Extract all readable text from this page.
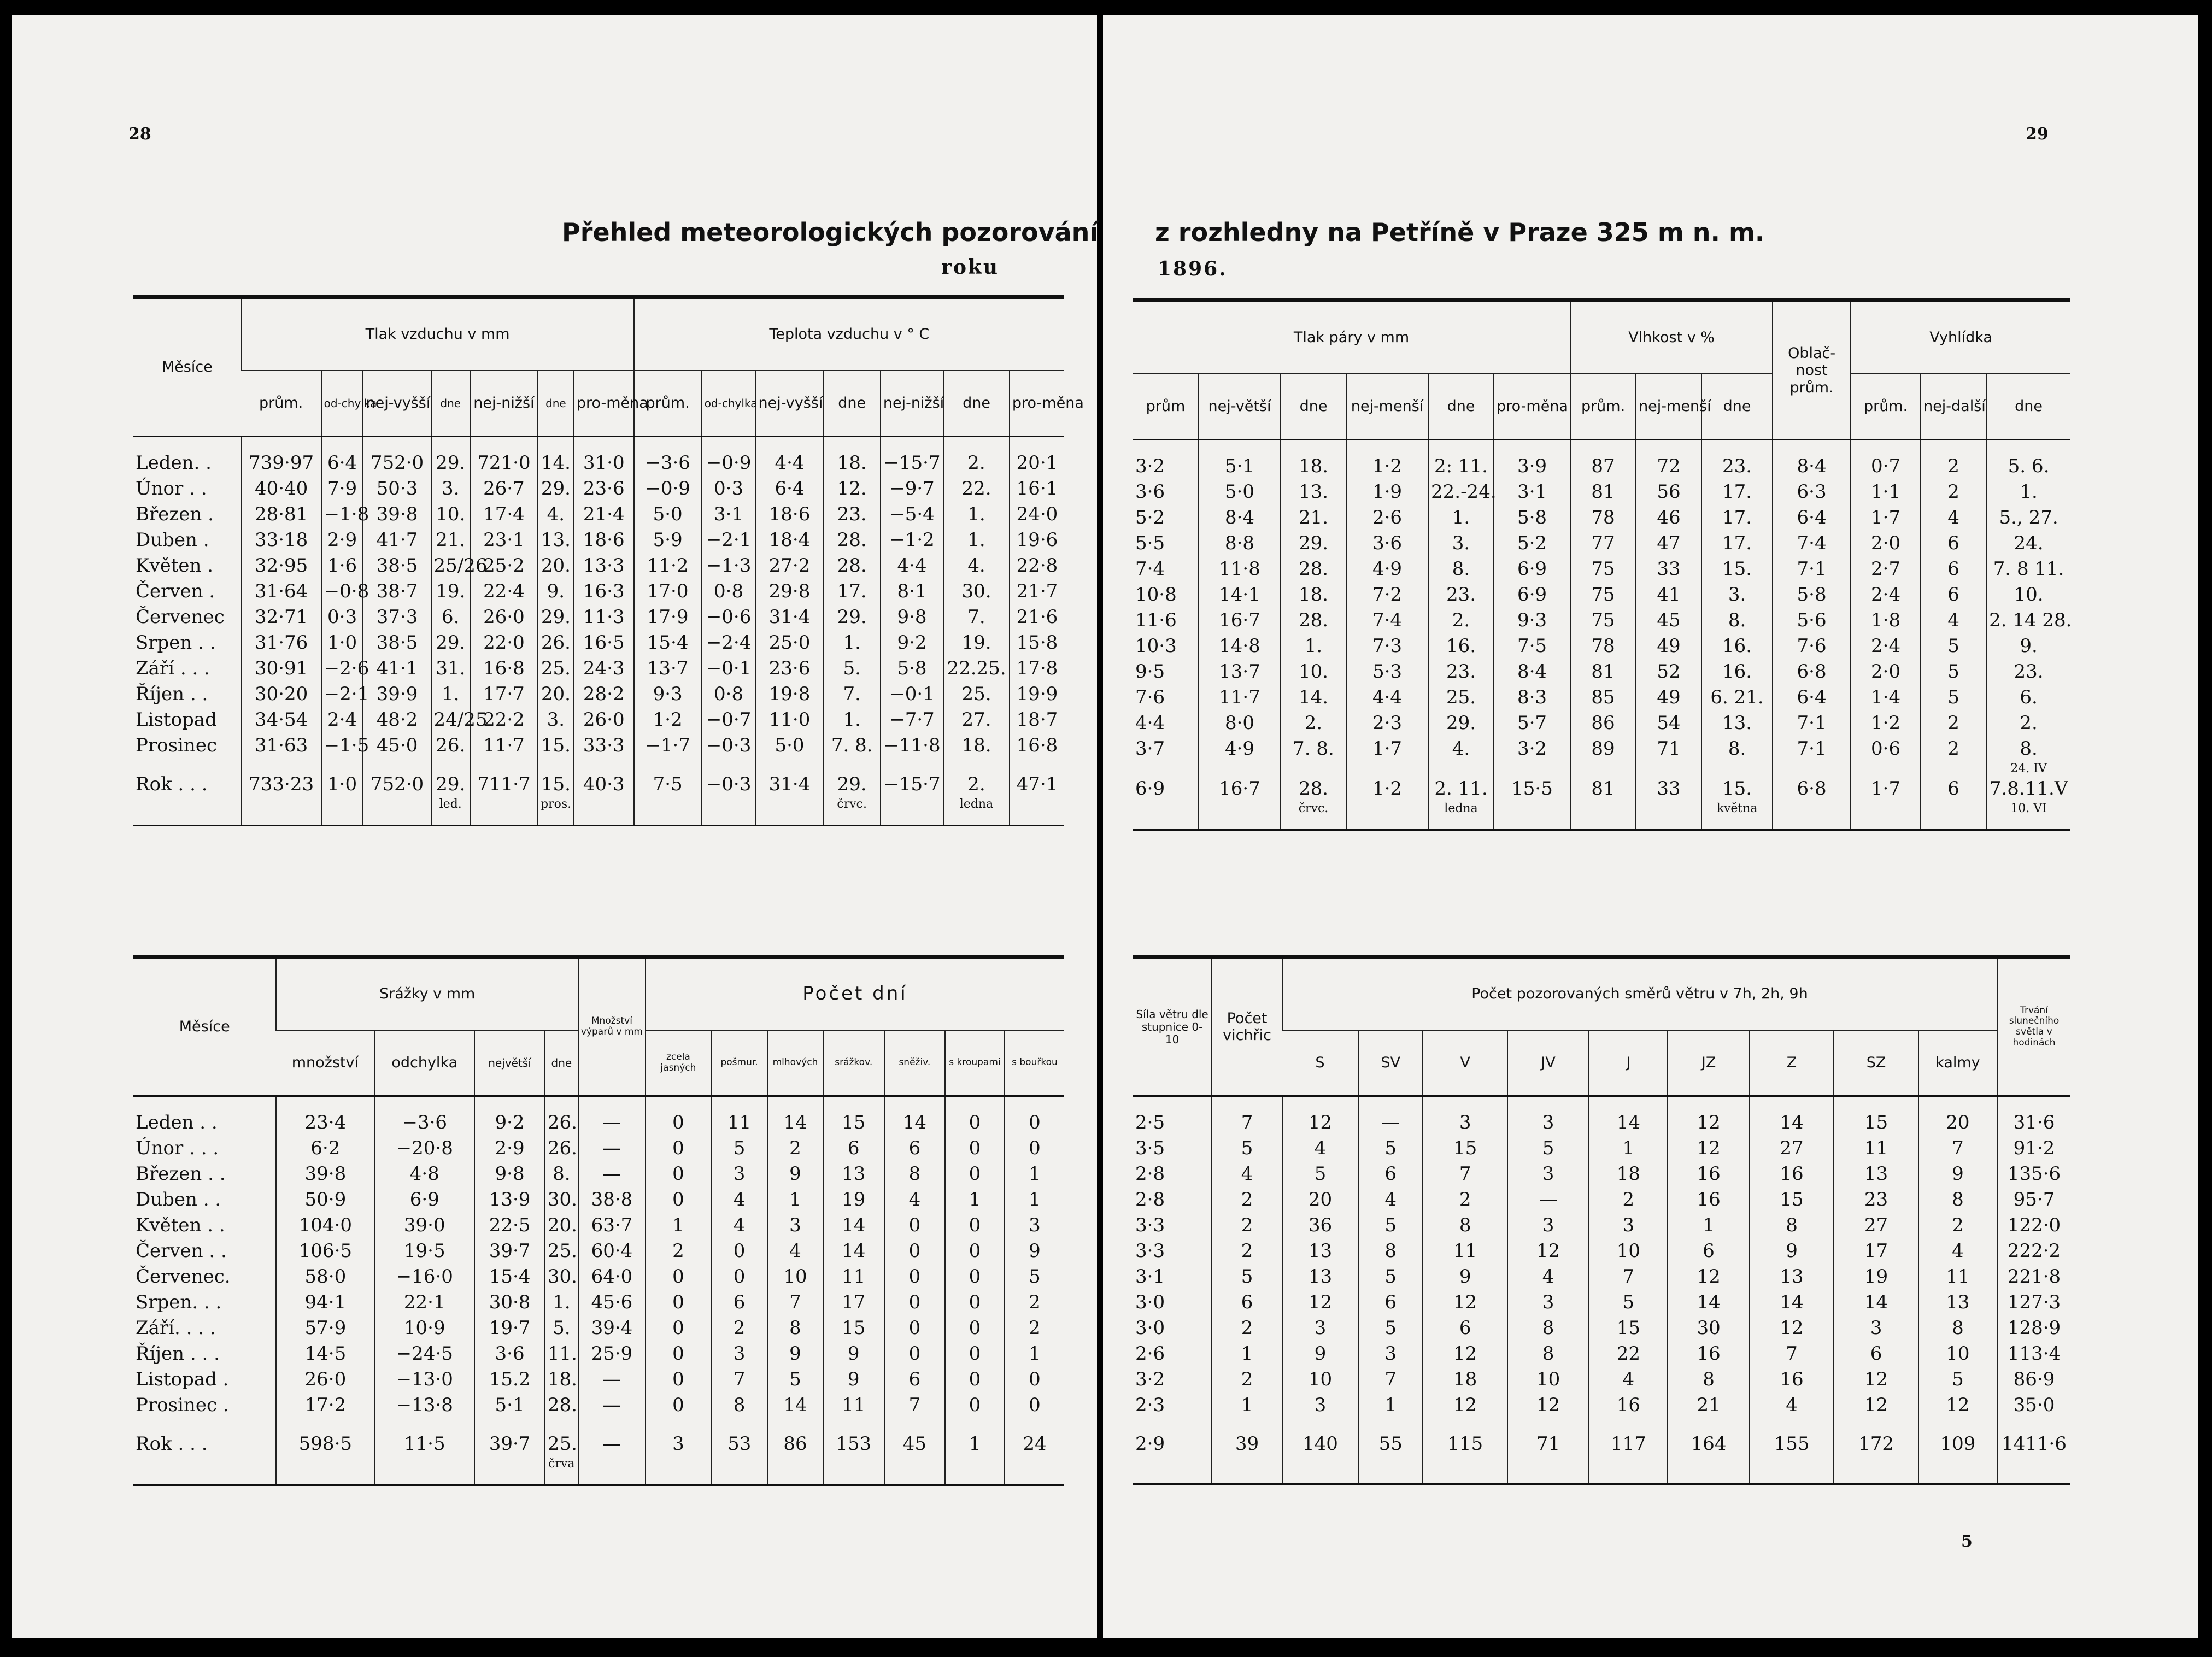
28
Přehled meteorologických pozorování
roku
Měsíce	Tlak vzduchu v mm							Teplota vzduchu v ° C						
	prům.	od-chylka	nej-vyšší	dne	nej-nižší	dne	pro-měna	prům.	od-chylka	nej-vyšší	dne	nej-nižší	dne	pro-měna

Leden. .	739·97	6·4	752·0	29.	721·0	14.	31·0	−3·6	−0·9	4·4	18.	−15·7	2.	20·1
Únor . .	40·40	7·9	50·3	3.	26·7	29.	23·6	−0·9	0·3	6·4	12.	−9·7	22.	16·1
Březen .	28·81	−1·8	39·8	10.	17·4	4.	21·4	5·0	3·1	18·6	23.	−5·4	1.	24·0
Duben .	33·18	2·9	41·7	21.	23·1	13.	18·6	5·9	−2·1	18·4	28.	−1·2	1.	19·6
Květen .	32·95	1·6	38·5	25/26	25·2	20.	13·3	11·2	−1·3	27·2	28.	4·4	4.	22·8
Červen .	31·64	−0·8	38·7	19.	22·4	9.	16·3	17·0	0·8	29·8	17.	8·1	30.	21·7
Červenec	32·71	0·3	37·3	6.	26·0	29.	11·3	17·9	−0·6	31·4	29.	9·8	7.	21·6
Srpen . .	31·76	1·0	38·5	29.	22·0	26.	16·5	15·4	−2·4	25·0	1.	9·2	19.	15·8
Září . . .	30·91	−2·6	41·1	31.	16·8	25.	24·3	13·7	−0·1	23·6	5.	5·8	22.25.	17·8
Říjen . .	30·20	−2·1	39·9	1.	17·7	20.	28·2	9·3	0·8	19·8	7.	−0·1	25.	19·9
Listopad	34·54	2·4	48·2	24/25	22·2	3.	26·0	1·2	−0·7	11·0	1.	−7·7	27.	18·7
Prosinec	31·63	−1·5	45·0	26.	11·7	15.	33·3	−1·7	−0·3	5·0	7. 8.	−11·8	18.	16·8

Rok . . .	733·23	1·0	752·0	29.	711·7	15.	40·3	7·5	−0·3	31·4	29.	−15·7	2.	47·1
				led.		pros.					črvc.		ledna	

Měsíce	Srážky v mm				Množství výparů v mm	Počet dní						
	množství	odchylka	největší	dne		zcela jasných	pošmur.	mlhových	srážkov.	sněživ.	s kroupami	s bouřkou

Leden . .	23·4	−3·6	9·2	26.	—	0	11	14	15	14	0	0
Únor . . .	6·2	−20·8	2·9	26.	—	0	5	2	6	6	0	0
Březen . .	39·8	4·8	9·8	8.	—	0	3	9	13	8	0	1
Duben . .	50·9	6·9	13·9	30.	38·8	0	4	1	19	4	1	1
Květen . .	104·0	39·0	22·5	20.	63·7	1	4	3	14	0	0	3
Červen . .	106·5	19·5	39·7	25.	60·4	2	0	4	14	0	0	9
Červenec.	58·0	−16·0	15·4	30.	64·0	0	0	10	11	0	0	5
Srpen. . .	94·1	22·1	30·8	1.	45·6	0	6	7	17	0	0	2
Září. . . .	57·9	10·9	19·7	5.	39·4	0	2	8	15	0	0	2
Říjen . . .	14·5	−24·5	3·6	11.	25·9	0	3	9	9	0	0	1
Listopad .	26·0	−13·0	15.2	18.	—	0	7	5	9	6	0	0
Prosinec .	17·2	−13·8	5·1	28.	—	0	8	14	11	7	0	0

Rok . . .	598·5	11·5	39·7	25.	—	3	53	86	153	45	1	24
				črva								

29
z rozhledny na Petříně v Praze 325 m n. m.
1896.
Tlak páry v mm						Vlhkost v %			Oblač-nost prům.	Vyhlídka		
prům	nej-větší	dne	nej-menší	dne	pro-měna	prům.	nej-menší	dne		prům.	nej-další	dne

3·2	5·1	18.	1·2	2: 11.	3·9	87	72	23.	8·4	0·7	2	5. 6.
3·6	5·0	13.	1·9	22.-24.	3·1	81	56	17.	6·3	1·1	2	1.
5·2	8·4	21.	2·6	1.	5·8	78	46	17.	6·4	1·7	4	5., 27.
5·5	8·8	29.	3·6	3.	5·2	77	47	17.	7·4	2·0	6	24.
7·4	11·8	28.	4·9	8.	6·9	75	33	15.	7·1	2·7	6	7. 8 11.
10·8	14·1	18.	7·2	23.	6·9	75	41	3.	5·8	2·4	6	10.
11·6	16·7	28.	7·4	2.	9·3	75	45	8.	5·6	1·8	4	2. 14 28.
10·3	14·8	1.	7·3	16.	7·5	78	49	16.	7·6	2·4	5	9.
9·5	13·7	10.	5·3	23.	8·4	81	52	16.	6·8	2·0	5	23.
7·6	11·7	14.	4·4	25.	8·3	85	49	6. 21.	6·4	1·4	5	6.
4·4	8·0	2.	2·3	29.	5·7	86	54	13.	7·1	1·2	2	2.
3·7	4·9	7. 8.	1·7	4.	3·2	89	71	8.	7·1	0·6	2	8.
												24. IV
6·9	16·7	28.	1·2	2. 11.	15·5	81	33	15.	6·8	1·7	6	7.8.11.V
		črvc.		ledna				května				10. VI

Síla větru dle stupnice 0-10	Počet vichřic	Počet pozorovaných směrů větru v 7h, 2h, 9h									Trvání slunečního světla v hodinách
		S	SV	V	JV	J	JZ	Z	SZ	kalmy	

2·5	7	12	—	3	3	14	12	14	15	20	31·6
3·5	5	4	5	15	5	1	12	27	11	7	91·2
2·8	4	5	6	7	3	18	16	16	13	9	135·6
2·8	2	20	4	2	—	2	16	15	23	8	95·7
3·3	2	36	5	8	3	3	1	8	27	2	122·0
3·3	2	13	8	11	12	10	6	9	17	4	222·2
3·1	5	13	5	9	4	7	12	13	19	11	221·8
3·0	6	12	6	12	3	5	14	14	14	13	127·3
3·0	2	3	5	6	8	15	30	12	3	8	128·9
2·6	1	9	3	12	8	22	16	7	6	10	113·4
3·2	2	10	7	18	10	4	8	16	12	5	86·9
2·3	1	3	1	12	12	16	21	4	12	12	35·0

2·9	39	140	55	115	71	117	164	155	172	109	1411·6

5
